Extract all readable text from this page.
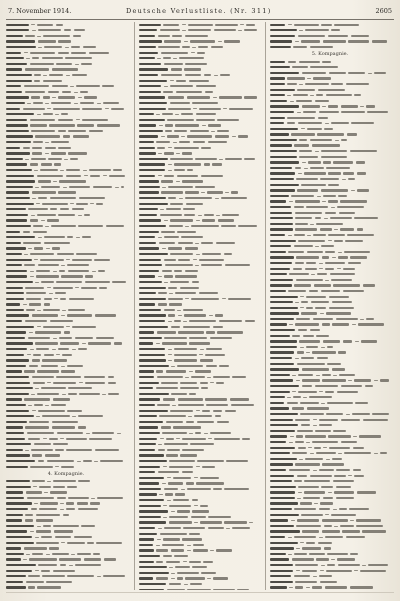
7. November 1914.	Deutsche Verlustliste. (Nr. 311)	2605
4. Kompagnie.
5. Kompagnie.
